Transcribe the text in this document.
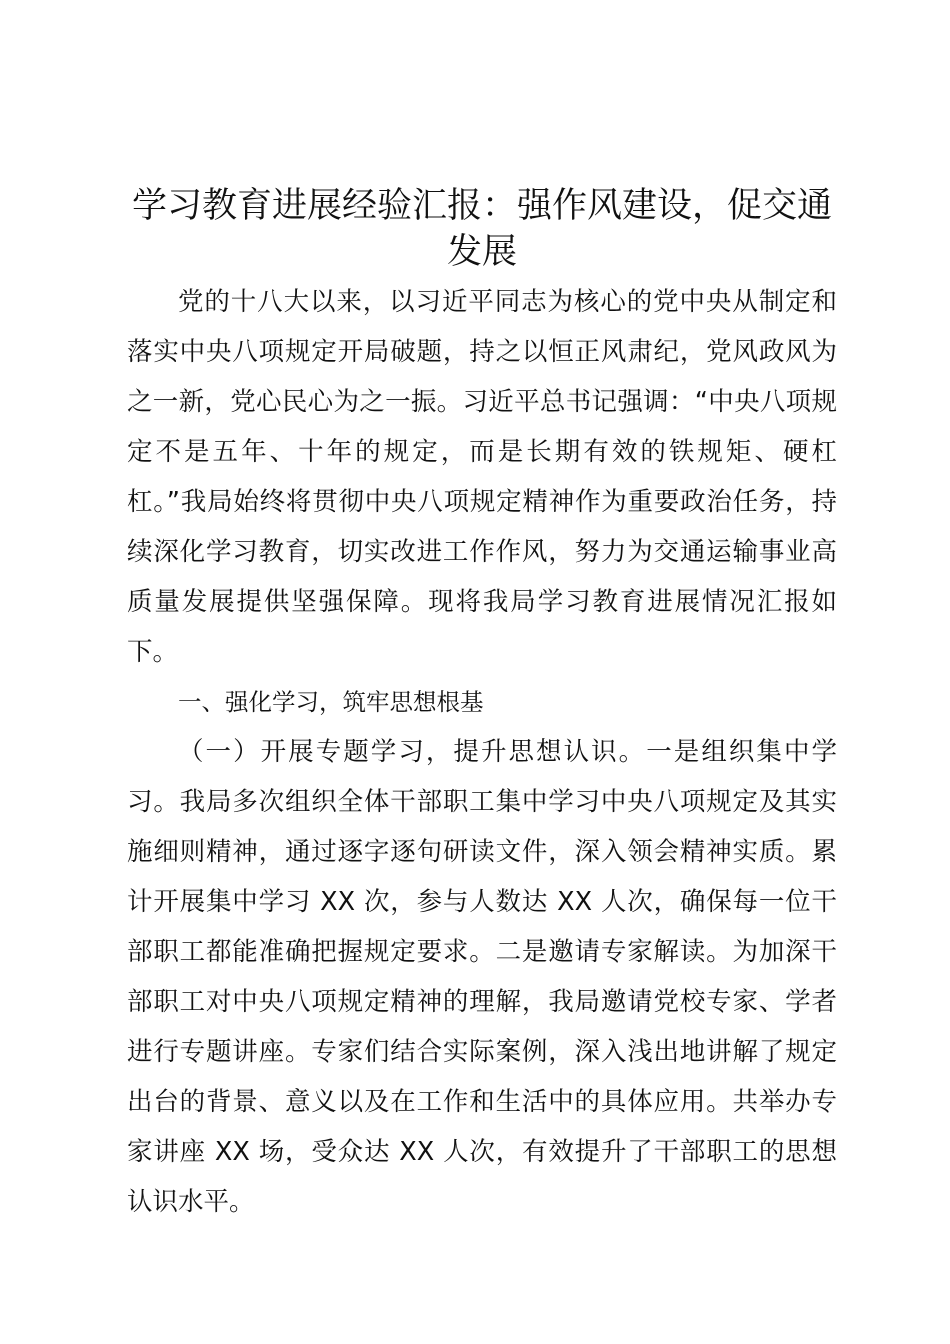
学习教育进展经验汇报：强作风建设，促交通发展

党的十八大以来，以习近平同志为核心的党中央从制定和落实中央八项规定开局破题，持之以恒正风肃纪，党风政风为之一新，党心民心为之一振。习近平总书记强调：“中央八项规定不是五年、十年的规定，而是长期有效的铁规矩、硬杠杠。”我局始终将贯彻中央八项规定精神作为重要政治任务，持续深化学习教育，切实改进工作作风，努力为交通运输事业高质量发展提供坚强保障。现将我局学习教育进展情况汇报如下。

一、强化学习，筑牢思想根基

（一）开展专题学习，提升思想认识。一是组织集中学习。我局多次组织全体干部职工集中学习中央八项规定及其实施细则精神，通过逐字逐句研读文件，深入领会精神实质。累计开展集中学习 XX 次，参与人数达 XX 人次，确保每一位干部职工都能准确把握规定要求。二是邀请专家解读。为加深干部职工对中央八项规定精神的理解，我局邀请党校专家、学者进行专题讲座。专家们结合实际案例，深入浅出地讲解了规定出台的背景、意义以及在工作和生活中的具体应用。共举办专家讲座 XX 场，受众达 XX 人次，有效提升了干部职工的思想认识水平。
